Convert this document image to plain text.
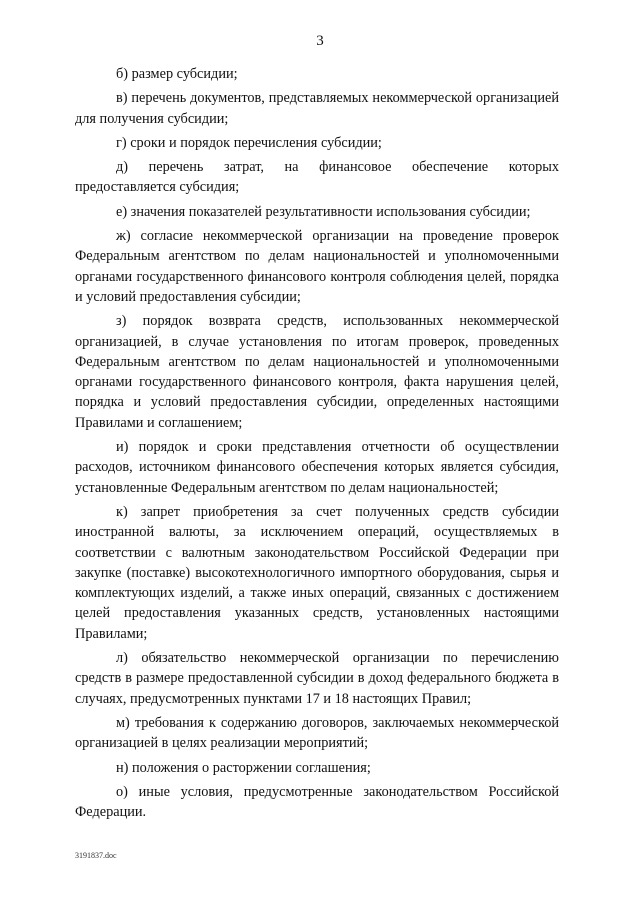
3

б) размер субсидии;

в) перечень документов, представляемых некоммерческой организацией для получения субсидии;

г) сроки и порядок перечисления субсидии;

д) перечень затрат, на финансовое обеспечение которых предоставляется субсидия;

е) значения показателей результативности использования субсидии;

ж) согласие некоммерческой организации на проведение проверок Федеральным агентством по делам национальностей и уполномоченными органами государственного финансового контроля соблюдения целей, порядка и условий предоставления субсидии;

з) порядок возврата средств, использованных некоммерческой организацией, в случае установления по итогам проверок, проведенных Федеральным агентством по делам национальностей и уполномоченными органами государственного финансового контроля, факта нарушения целей, порядка и условий предоставления субсидии, определенных настоящими Правилами и соглашением;

и) порядок и сроки представления отчетности об осуществлении расходов, источником финансового обеспечения которых является субсидия, установленные Федеральным агентством по делам национальностей;

к) запрет приобретения за счет полученных средств субсидии иностранной валюты, за исключением операций, осуществляемых в соответствии с валютным законодательством Российской Федерации при закупке (поставке) высокотехнологичного импортного оборудования, сырья и комплектующих изделий, а также иных операций, связанных с достижением целей предоставления указанных средств, установленных настоящими Правилами;

л) обязательство некоммерческой организации по перечислению средств в размере предоставленной субсидии в доход федерального бюджета в случаях, предусмотренных пунктами 17 и 18 настоящих Правил;

м) требования к содержанию договоров, заключаемых некоммерческой организацией в целях реализации мероприятий;

н) положения о расторжении соглашения;

о) иные условия, предусмотренные законодательством Российской Федерации.

3191837.doc
